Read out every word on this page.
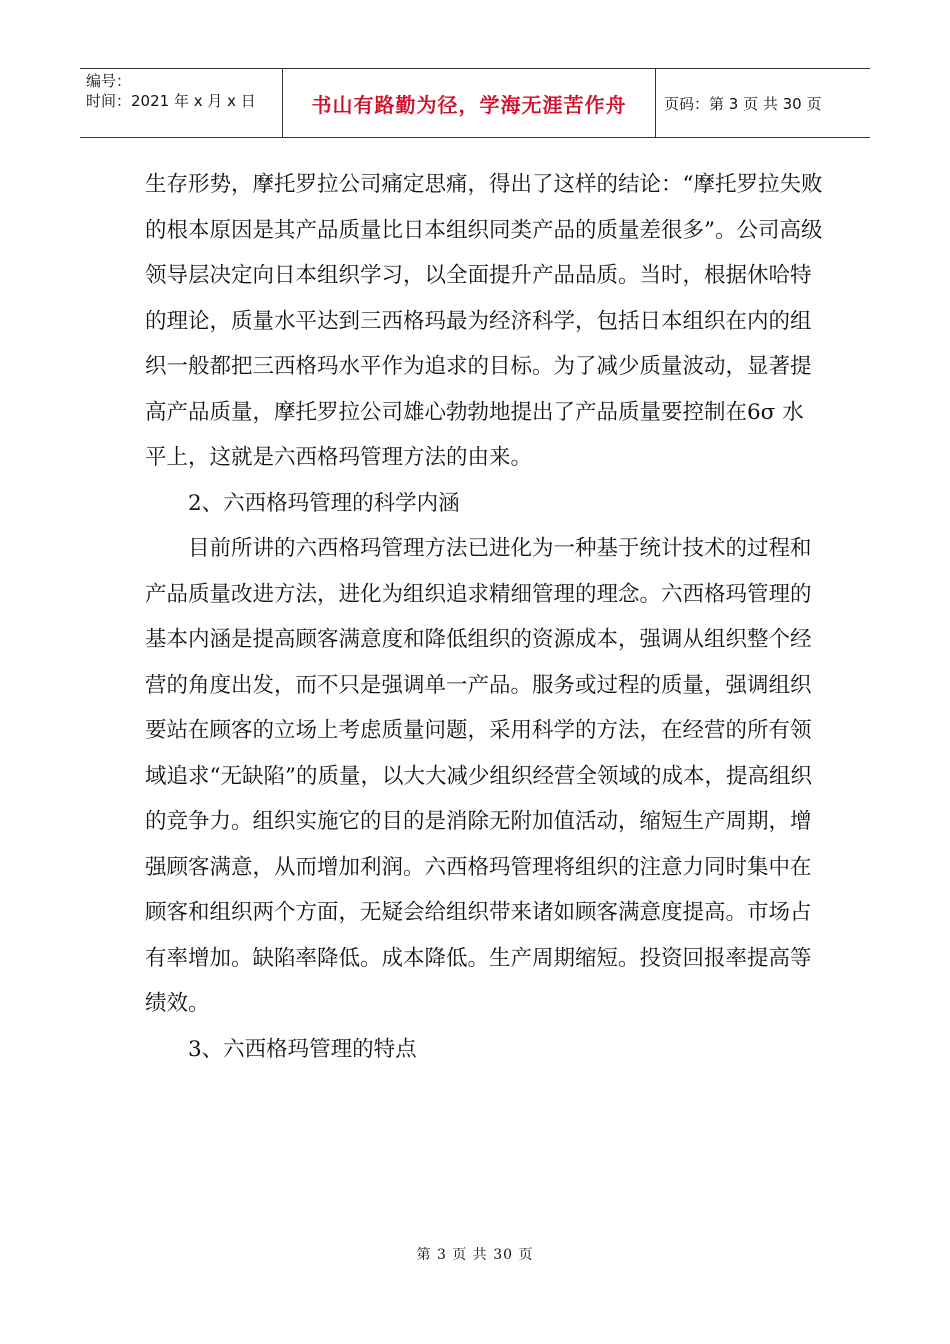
编号：
时间：2021 年 x 月 x 日	书山有路勤为径，学海无涯苦作舟	页码：第 3 页 共 30 页

生存形势，摩托罗拉公司痛定思痛，得出了这样的结论：“摩托罗拉失败的根本原因是其产品质量比日本组织同类产品的质量差很多”。公司高级领导层决定向日本组织学习，以全面提升产品品质。当时，根据休哈特的理论，质量水平达到三西格玛最为经济科学，包括日本组织在内的组织一般都把三西格玛水平作为追求的目标。为了减少质量波动，显著提高产品质量，摩托罗拉公司雄心勃勃地提出了产品质量要控制在6σ 水平上，这就是六西格玛管理方法的由来。

2、六西格玛管理的科学内涵

目前所讲的六西格玛管理方法已进化为一种基于统计技术的过程和产品质量改进方法，进化为组织追求精细管理的理念。六西格玛管理的基本内涵是提高顾客满意度和降低组织的资源成本，强调从组织整个经营的角度出发，而不只是强调单一产品。服务或过程的质量，强调组织要站在顾客的立场上考虑质量问题，采用科学的方法，在经营的所有领域追求“无缺陷”的质量，以大大减少组织经营全领域的成本，提高组织的竞争力。组织实施它的目的是消除无附加值活动，缩短生产周期，增强顾客满意，从而增加利润。六西格玛管理将组织的注意力同时集中在顾客和组织两个方面，无疑会给组织带来诸如顾客满意度提高。市场占有率增加。缺陷率降低。成本降低。生产周期缩短。投资回报率提高等绩效。

3、六西格玛管理的特点

第 3 页 共 30 页
